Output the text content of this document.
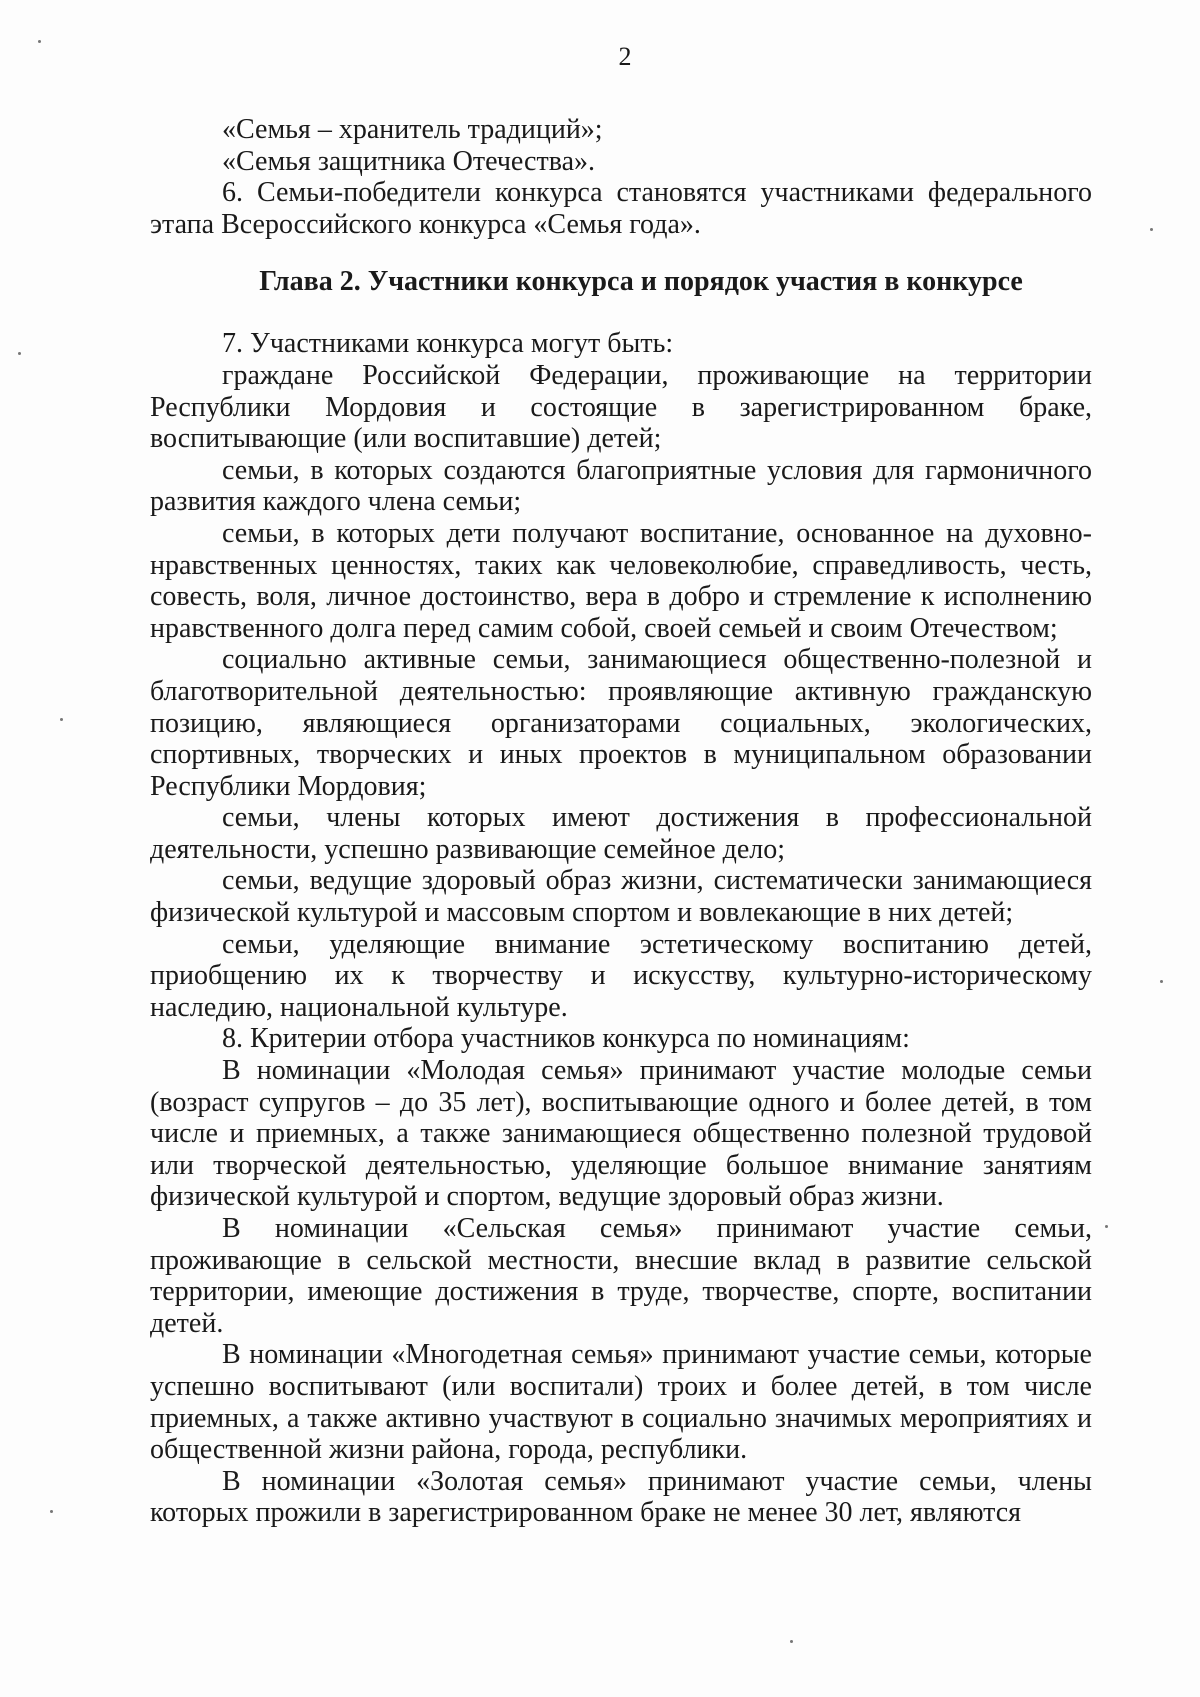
2

«Семья – хранитель традиций»;

«Семья защитника Отечества».

6. Семьи-победители конкурса становятся участниками федерального этапа Всероссийского конкурса «Семья года».

Глава 2. Участники конкурса и порядок участия в конкурсе

7. Участниками конкурса могут быть:

граждане Российской Федерации, проживающие на территории Республики Мордовия и состоящие в зарегистрированном браке, воспитывающие (или воспитавшие) детей;

семьи, в которых создаются благоприятные условия для гармоничного развития каждого члена семьи;

семьи, в которых дети получают воспитание, основанное на духовно-нравственных ценностях, таких как человеколюбие, справедливость, честь, совесть, воля, личное достоинство, вера в добро и стремление к исполнению нравственного долга перед самим собой, своей семьей и своим Отечеством;

социально активные семьи, занимающиеся общественно-полезной и благотворительной деятельностью: проявляющие активную гражданскую позицию, являющиеся организаторами социальных, экологических, спортивных, творческих и иных проектов в муниципальном образовании Республики Мордовия;

семьи, члены которых имеют достижения в профессиональной деятельности, успешно развивающие семейное дело;

семьи, ведущие здоровый образ жизни, систематически занимающиеся физической культурой и массовым спортом и вовлекающие в них детей;

семьи, уделяющие внимание эстетическому воспитанию детей, приобщению их к творчеству и искусству, культурно-историческому наследию, национальной культуре.

8. Критерии отбора участников конкурса по номинациям:

В номинации «Молодая семья» принимают участие молодые семьи (возраст супругов – до 35 лет), воспитывающие одного и более детей, в том числе и приемных, а также занимающиеся общественно полезной трудовой или творческой деятельностью, уделяющие большое внимание занятиям физической культурой и спортом, ведущие здоровый образ жизни.

В номинации «Сельская семья» принимают участие семьи, проживающие в сельской местности, внесшие вклад в развитие сельской территории, имеющие достижения в труде, творчестве, спорте, воспитании детей.

В номинации «Многодетная семья» принимают участие семьи, которые успешно воспитывают (или воспитали) троих и более детей, в том числе приемных, а также активно участвуют в социально значимых мероприятиях и общественной жизни района, города, республики.

В номинации «Золотая семья» принимают участие семьи, члены которых прожили в зарегистрированном браке не менее 30 лет, являются
